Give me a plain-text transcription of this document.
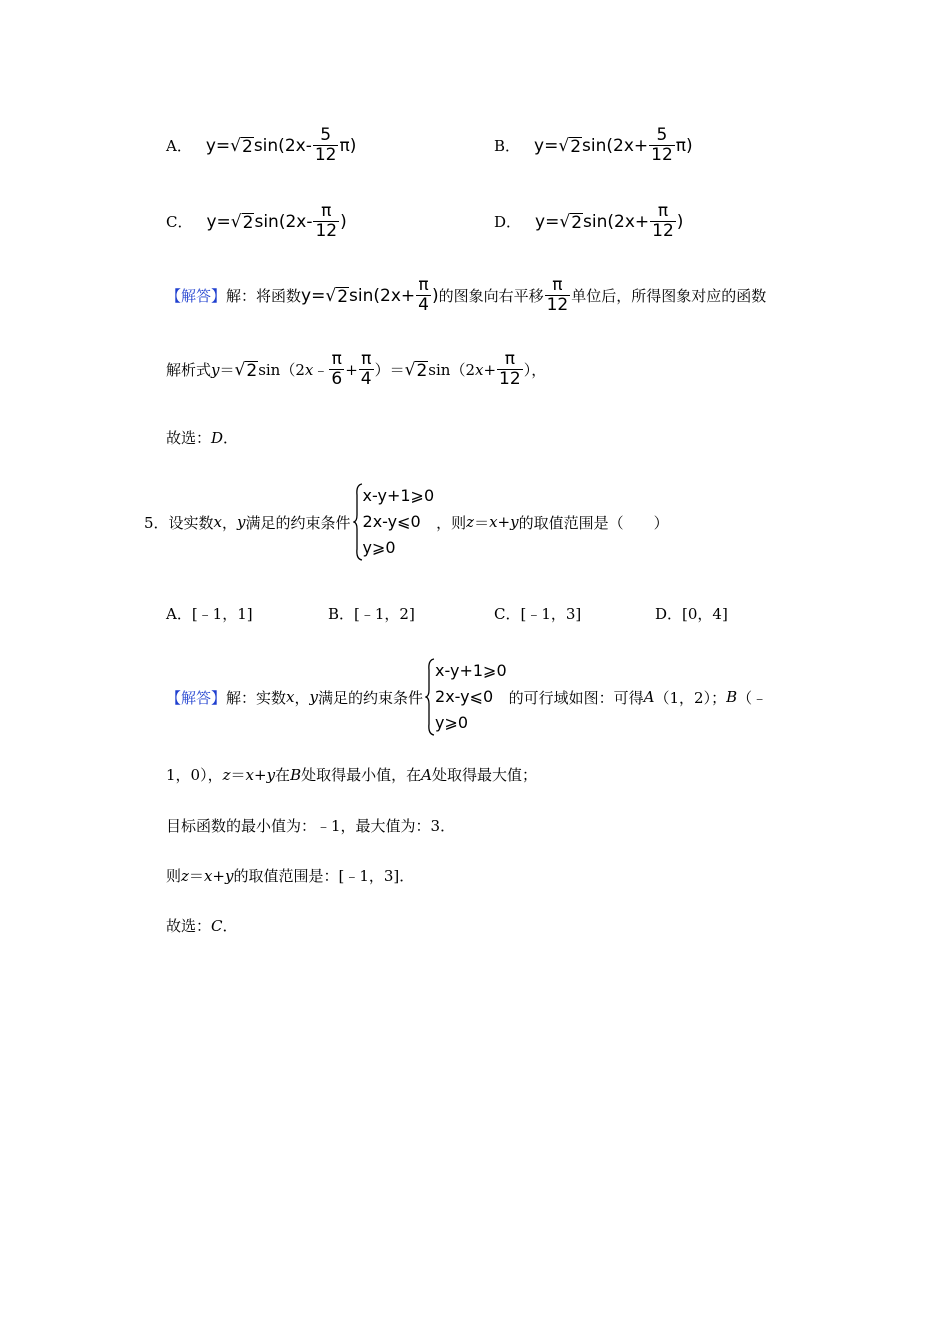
A． y= √ 2 $\sin(2x- \frac{5}{12} \pi)$	B． y= √ 2 $\sin(2x+ \frac{5}{12} \pi)$
C． y= √ 2 $\sin(2x- \frac{\pi}{12}$ )	D． y= √ 2 $\sin(2x+ \frac{\pi}{12}$ )
【解答】 解：将函数 y= √ 2 $\sin(2x+ \frac{\pi}{4}$ ) 的图象向右平移 $\frac{\pi}{12}$ 单位后，所得图象对应的函数
解析式 y ＝ √ 2 sin（2 x ﹣ $\frac{\pi}{6} + \frac{\pi}{4}$ ）＝ √ 2 sin（2 $x + \frac{\pi}{12}$ ），
故选： D ．
5．设实数 x ， y 满足的约束条件
x-y+1⩾0
2x-y⩽0
y⩾0
，则 z ＝ x + y 的取值范围是（　　）
A．[﹣1，1]	B．[﹣1，2]	C．[﹣1，3]	D．[0，4]
【解答】 解：实数 x ， y 满足的约束条件
x-y+1⩾0
2x-y⩽0
y⩾0
的可行域如图：可得 A （1，2）； B （﹣
1，0）， z ＝ x + y 在 B 处取得最小值，在 A 处取得最大值；
目标函数的最小值为：﹣1，最大值为：3．
则 z ＝ x + y 的取值范围是：[﹣1，3]．
故选： C ．
